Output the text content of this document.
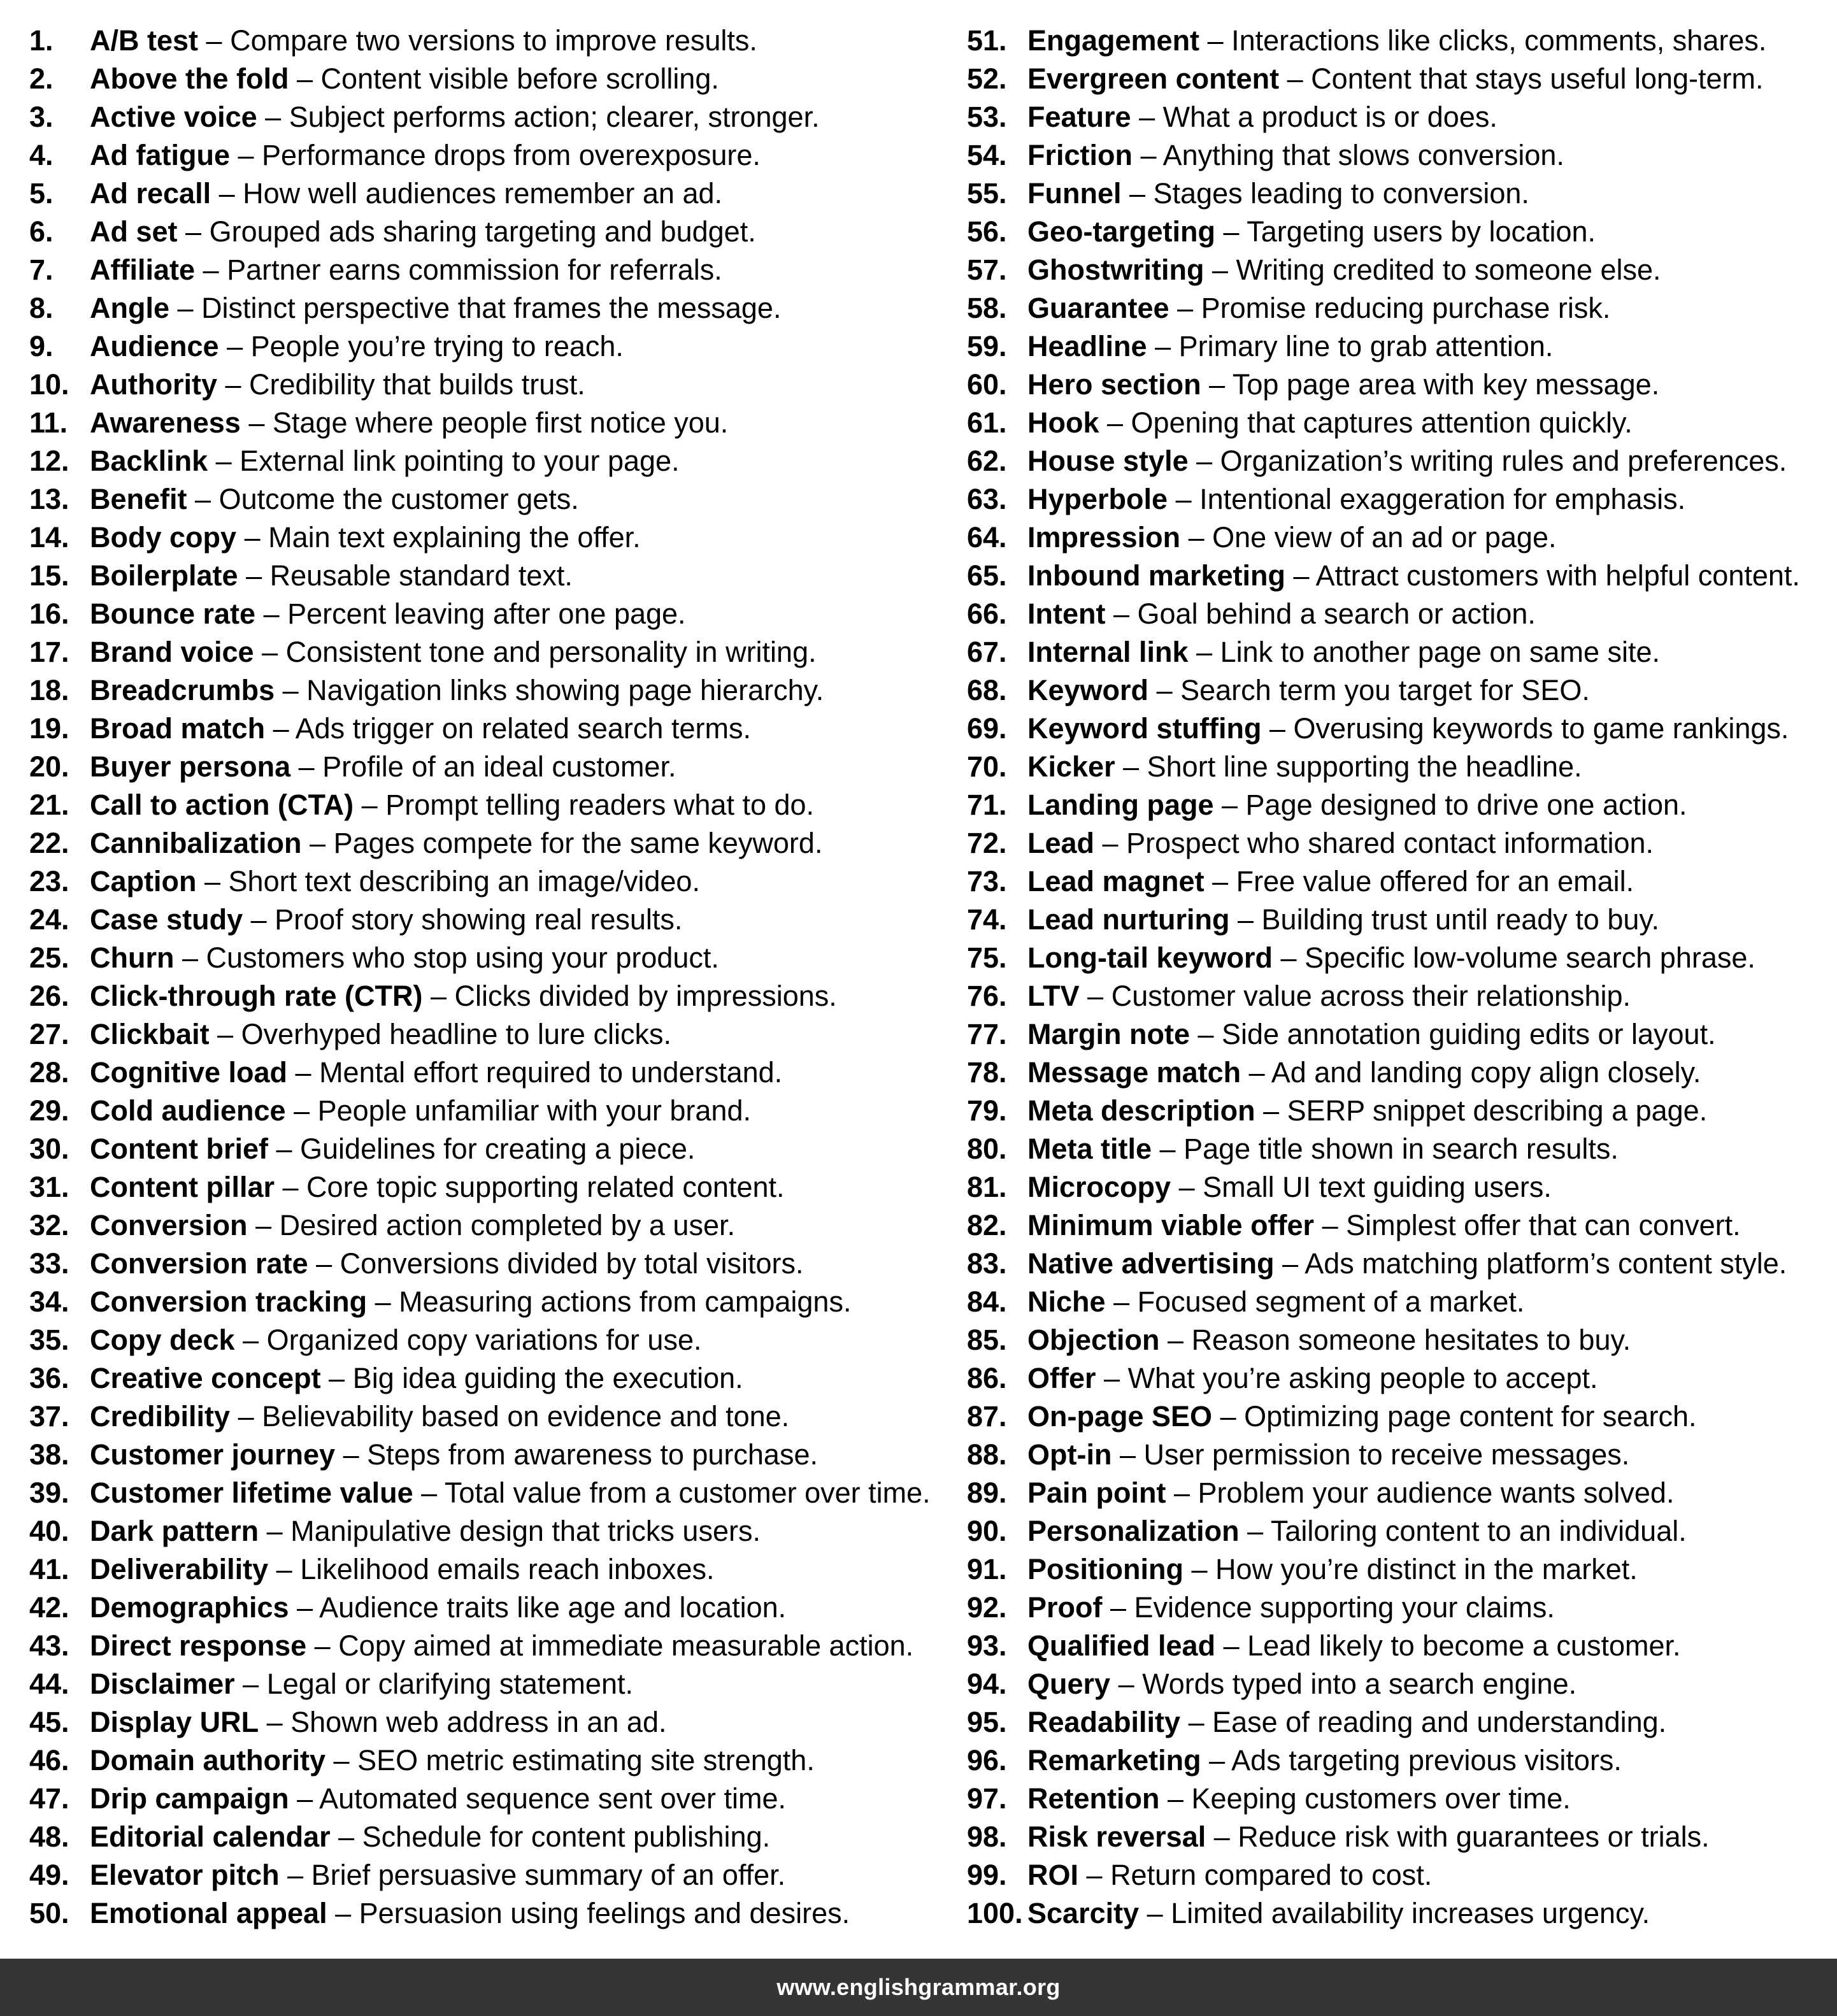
1. A/B test – Compare two versions to improve results.
2. Above the fold – Content visible before scrolling.
3. Active voice – Subject performs action; clearer, stronger.
4. Ad fatigue – Performance drops from overexposure.
5. Ad recall – How well audiences remember an ad.
6. Ad set – Grouped ads sharing targeting and budget.
7. Affiliate – Partner earns commission for referrals.
8. Angle – Distinct perspective that frames the message.
9. Audience – People you’re trying to reach.
10. Authority – Credibility that builds trust.
11. Awareness – Stage where people first notice you.
12. Backlink – External link pointing to your page.
13. Benefit – Outcome the customer gets.
14. Body copy – Main text explaining the offer.
15. Boilerplate – Reusable standard text.
16. Bounce rate – Percent leaving after one page.
17. Brand voice – Consistent tone and personality in writing.
18. Breadcrumbs – Navigation links showing page hierarchy.
19. Broad match – Ads trigger on related search terms.
20. Buyer persona – Profile of an ideal customer.
21. Call to action (CTA) – Prompt telling readers what to do.
22. Cannibalization – Pages compete for the same keyword.
23. Caption – Short text describing an image/video.
24. Case study – Proof story showing real results.
25. Churn – Customers who stop using your product.
26. Click-through rate (CTR) – Clicks divided by impressions.
27. Clickbait – Overhyped headline to lure clicks.
28. Cognitive load – Mental effort required to understand.
29. Cold audience – People unfamiliar with your brand.
30. Content brief – Guidelines for creating a piece.
31. Content pillar – Core topic supporting related content.
32. Conversion – Desired action completed by a user.
33. Conversion rate – Conversions divided by total visitors.
34. Conversion tracking – Measuring actions from campaigns.
35. Copy deck – Organized copy variations for use.
36. Creative concept – Big idea guiding the execution.
37. Credibility – Believability based on evidence and tone.
38. Customer journey – Steps from awareness to purchase.
39. Customer lifetime value – Total value from a customer over time.
40. Dark pattern – Manipulative design that tricks users.
41. Deliverability – Likelihood emails reach inboxes.
42. Demographics – Audience traits like age and location.
43. Direct response – Copy aimed at immediate measurable action.
44. Disclaimer – Legal or clarifying statement.
45. Display URL – Shown web address in an ad.
46. Domain authority – SEO metric estimating site strength.
47. Drip campaign – Automated sequence sent over time.
48. Editorial calendar – Schedule for content publishing.
49. Elevator pitch – Brief persuasive summary of an offer.
50. Emotional appeal – Persuasion using feelings and desires.
51. Engagement – Interactions like clicks, comments, shares.
52. Evergreen content – Content that stays useful long-term.
53. Feature – What a product is or does.
54. Friction – Anything that slows conversion.
55. Funnel – Stages leading to conversion.
56. Geo-targeting – Targeting users by location.
57. Ghostwriting – Writing credited to someone else.
58. Guarantee – Promise reducing purchase risk.
59. Headline – Primary line to grab attention.
60. Hero section – Top page area with key message.
61. Hook – Opening that captures attention quickly.
62. House style – Organization’s writing rules and preferences.
63. Hyperbole – Intentional exaggeration for emphasis.
64. Impression – One view of an ad or page.
65. Inbound marketing – Attract customers with helpful content.
66. Intent – Goal behind a search or action.
67. Internal link – Link to another page on same site.
68. Keyword – Search term you target for SEO.
69. Keyword stuffing – Overusing keywords to game rankings.
70. Kicker – Short line supporting the headline.
71. Landing page – Page designed to drive one action.
72. Lead – Prospect who shared contact information.
73. Lead magnet – Free value offered for an email.
74. Lead nurturing – Building trust until ready to buy.
75. Long-tail keyword – Specific low-volume search phrase.
76. LTV – Customer value across their relationship.
77. Margin note – Side annotation guiding edits or layout.
78. Message match – Ad and landing copy align closely.
79. Meta description – SERP snippet describing a page.
80. Meta title – Page title shown in search results.
81. Microcopy – Small UI text guiding users.
82. Minimum viable offer – Simplest offer that can convert.
83. Native advertising – Ads matching platform’s content style.
84. Niche – Focused segment of a market.
85. Objection – Reason someone hesitates to buy.
86. Offer – What you’re asking people to accept.
87. On-page SEO – Optimizing page content for search.
88. Opt-in – User permission to receive messages.
89. Pain point – Problem your audience wants solved.
90. Personalization – Tailoring content to an individual.
91. Positioning – How you’re distinct in the market.
92. Proof – Evidence supporting your claims.
93. Qualified lead – Lead likely to become a customer.
94. Query – Words typed into a search engine.
95. Readability – Ease of reading and understanding.
96. Remarketing – Ads targeting previous visitors.
97. Retention – Keeping customers over time.
98. Risk reversal – Reduce risk with guarantees or trials.
99. ROI – Return compared to cost.
100. Scarcity – Limited availability increases urgency.
www.englishgrammar.org
